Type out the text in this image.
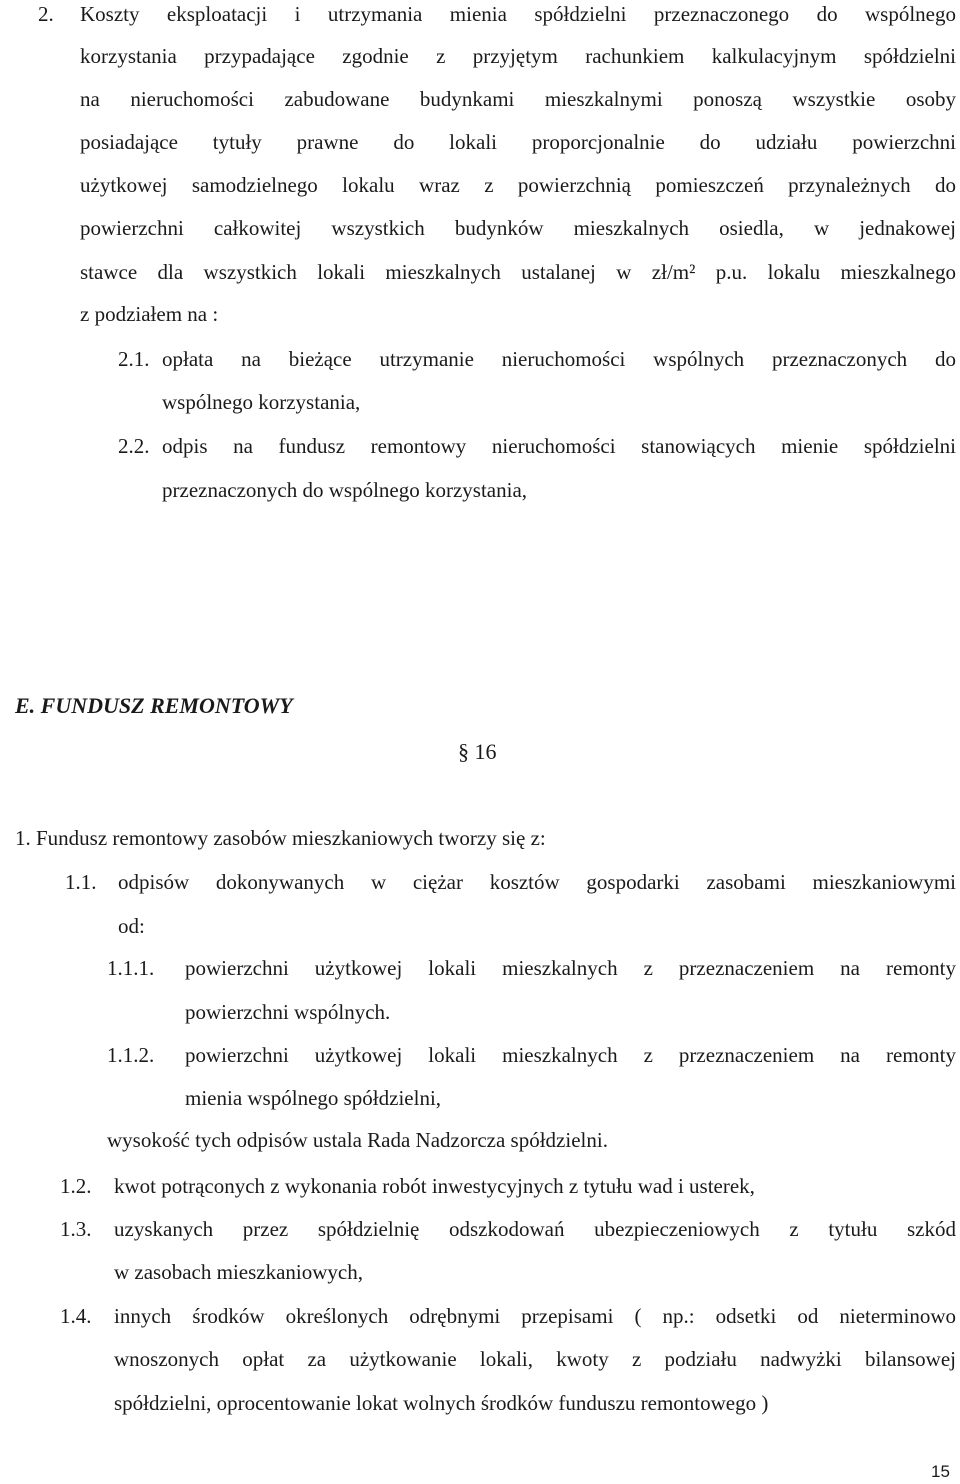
2. Koszty eksploatacji i utrzymania mienia spółdzielni przeznaczonego do wspólnego
korzystania przypadające zgodnie z przyjętym rachunkiem kalkulacyjnym spółdzielni
na nieruchomości zabudowane budynkami mieszkalnymi ponoszą wszystkie osoby
posiadające tytuły prawne do lokali proporcjonalnie do udziału powierzchni
użytkowej samodzielnego lokalu wraz z powierzchnią pomieszczeń przynależnych do
powierzchni całkowitej wszystkich budynków mieszkalnych osiedla, w jednakowej
stawce dla wszystkich lokali mieszkalnych ustalanej w zł/m² p.u. lokalu mieszkalnego
z podziałem na :
2.1. opłata na bieżące utrzymanie nieruchomości wspólnych przeznaczonych do
wspólnego korzystania,
2.2. odpis na fundusz remontowy nieruchomości stanowiących mienie spółdzielni
przeznaczonych do wspólnego korzystania,
E. FUNDUSZ REMONTOWY
§ 16
1. Fundusz remontowy zasobów mieszkaniowych tworzy się z:
1.1. odpisów dokonywanych w ciężar kosztów gospodarki zasobami mieszkaniowymi
od:
1.1.1. powierzchni użytkowej lokali mieszkalnych z przeznaczeniem na remonty
powierzchni wspólnych.
1.1.2. powierzchni użytkowej lokali mieszkalnych z przeznaczeniem na remonty
mienia wspólnego spółdzielni,
wysokość tych odpisów ustala Rada Nadzorcza spółdzielni.
1.2. kwot potrąconych z wykonania robót inwestycyjnych z tytułu wad i usterek,
1.3. uzyskanych przez spółdzielnię odszkodowań ubezpieczeniowych z tytułu szkód
w zasobach mieszkaniowych,
1.4. innych środków określonych odrębnymi przepisami ( np.: odsetki od nieterminowo
wnoszonych opłat za użytkowanie lokali, kwoty z podziału nadwyżki bilansowej
spółdzielni, oprocentowanie lokat wolnych środków funduszu remontowego )
15
